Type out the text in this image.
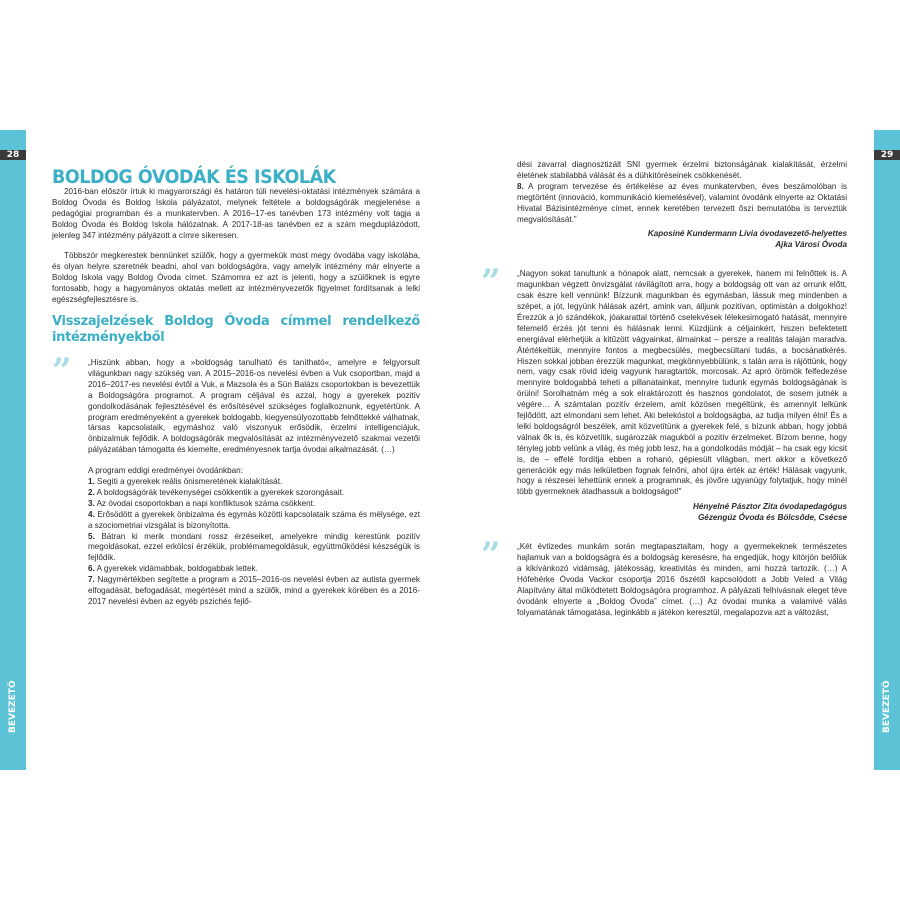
28
BEVEZETŐ
BOLDOG ÓVODÁK ÉS ISKOLÁK

2016-ban először írtuk ki magyarországi és határon túli nevelési-oktatási intézmények számára a Boldog Óvoda és Boldog Iskola pályázatot, melynek feltétele a boldogságórák megjelenése a pedagógiai programban és a munkatervben. A 2016–17-es tanévben 173 intézmény volt tagja a Boldog Óvoda és Boldog Iskola hálózatnak. A 2017-18-as tanévben ez a szám megduplázódott, jelenleg 347 intézmény pályázott a címre sikeresen.

Többször megkerestek bennünket szülők, hogy a gyermekük most megy óvodába vagy iskolába, és olyan helyre szeretnék beadni, ahol van boldogságóra, vagy amelyik intézmény már elnyerte a Boldog Iskola vagy Boldog Óvoda címet. Számomra ez azt is jelenti, hogy a szülőknek is egyre fontosabb, hogy a hagyományos oktatás mellett az intézményvezetők figyelmet fordítsanak a lelki egészségfejlesztésre is.

Visszajelzések Boldog Óvoda címmel rendelkező intézményekből
” „Hiszünk abban, hogy a »boldogság tanulható és tanítható«, amelyre e felgyorsult világunkban nagy szükség van. A 2015–2016-os nevelési évben a Vuk csoportban, majd a 2016–2017-es nevelési évtől a Vuk, a Mazsola és a Sün Balázs csoportokban is bevezettük a Boldogságóra programot. A program céljával és azzal, hogy a gyerekek pozitív gondolkodásának fejlesztésével és erősítésével szükséges foglalkoznunk, egyetértünk. A program eredményeként a gyerekek boldogabb, kiegyensúlyozottabb felnőttekké válhatnak, társas kapcsolataik, egymáshoz való viszonyuk erősödik, érzelmi intelligenciájuk, önbizalmuk fejlődik. A boldogságórák megvalósítását az intézményvezető szakmai vezetői pályázatában támogatta és kiemelte, eredményesnek tartja óvodai alkalmazását. (…)

A program eddigi eredményei óvodánkban:

1. Segíti a gyerekek reális önismeretének kialakítását.

2. A boldogságórák tevékenységei csökkentik a gyerekek szorongásait.

3. Az óvodai csoportokban a napi konfliktusok száma csökkent.

4. Erősödött a gyerekek önbizalma és egymás közötti kapcsolataik száma és mélysége, ezt a szociometriai vizsgálat is bizonyította.

5. Bátran ki merik mondani rossz érzéseiket, amelyekre mindig kerestünk pozitív megoldásokat, ezzel erkölcsi érzékük, problémamegoldásuk, együttműködési készségük is fejlődik.

6. A gyerekek vidámabbak, boldogabbak lettek.

7. Nagymértékben segítette a program a 2015–2016-os nevelési évben az autista gyermek elfogadását, befogadását, megértését mind a szülők, mind a gyerekek körében és a 2016-2017 nevelési évben az egyéb pszichés fejlő-

29
BEVEZETŐ

dési zavarral diagnosztizált SNI gyermek érzelmi biztonságának kialakítását, érzelmi életének stabilabbá válását és a dühkitöréseinek csökkenését.

8. A program tervezése és értékelése az éves munkatervben, éves beszámolóban is megtörtént (innováció, kommunikáció kiemelésével), valamint óvodánk elnyerte az Oktatási Hivatal Bázisintézménye címet, ennek keretében tervezett őszi bemutatóba is terveztük megvalósítását.”

Kaposiné Kundermann Lívia óvodavezető-helyettes
Ajka Városi Óvoda
” „Nagyon sokat tanultunk a hónapok alatt, nemcsak a gyerekek, hanem mi felnőttek is. A magunkban végzett önvizsgálat rávilágított arra, hogy a boldogság ott van az orrunk előtt, csak észre kell vennünk! Bízzunk magunkban és egymásban, lássuk meg mindenben a szépet, a jót, legyünk hálásak azért, amink van, álljunk pozitívan, optimistán a dolgokhoz! Érezzük a jó szándékok, jóakarattal történő cselekvések lélekesimogató hatását, mennyire felemelő érzés jót tenni és hálásnak lenni. Küzdjünk a céljainkért, hiszen befektetett energiával elérhetjük a kitűzött vágyainkat, álmainkat – persze a realitás talaján maradva. Átértékeltük, mennyire fontos a megbecsülés, megbecsültani tudás, a bocsánatkérés. Hiszen sokkal jobban érezzük magunkat, megkönnyebbülünk, s talán arra is rájöttünk, hogy nem, vagy csak rövid ideig vagyunk haragtartók, morcosak. Az apró örömök felfedezése mennyire boldogabbá teheti a pillanatainkat, mennyire tudunk egymás boldogságának is örülni! Sorolhatnám még a sok elraktározott és hasznos gondolatot, de sosem jutnék a végére… A számtalan pozitív érzelem, amit közösen megéltünk, és amennyit lelkünk fejlődött, azt elmondani sem lehet. Aki belekóstol a boldogságba, az tudja milyen élni! És a lelki boldogságról beszélek, amit közvetítünk a gyerekek felé, s bízunk abban, hogy jobbá válnak ők is, és közvetítik, sugározzák magukból a pozitív érzelmeket. Bízom benne, hogy tényleg jobb velünk a világ, és még jobb lesz, ha a gondolkodás módját – ha csak egy kicsit is, de – effelé fordítja ebben a rohanó, gépiesült világban, mert akkor a következő generációk egy más lelkületben fognak felnőni, ahol újra érték az érték! Hálásak vagyunk, hogy a részesei lehettünk ennek a programnak, és jövőre ugyanúgy folytatjuk, hogy minél több gyermeknek átadhassuk a boldogságot!”

Hényelné Pásztor Zita óvodapedagógus
Gézengúz Óvoda és Bölcsőde, Csécse
” „Két évtizedes munkám során megtapasztaltam, hogy a gyermekeknek természetes hajlamuk van a boldogságra és a boldogság keresésre, ha engedjük, hogy kitörjön belőlük a kikívánkozó vidámság, játékosság, kreativitás és minden, ami hozzá tartozik. (…) A Hófehérke Óvoda Vackor csoportja 2016 őszétől kapcsolódott a Jobb Veled a Világ Alapítvány által működtetett Boldogságóra programhoz. A pályázati felhívásnak eleget téve óvodánk elnyerte a „Boldog Óvoda” címet. (…) Az óvodai munka a valamivé válás folyamatának támogatása, leginkább a játékon keresztül, megalapozva azt a változást,
